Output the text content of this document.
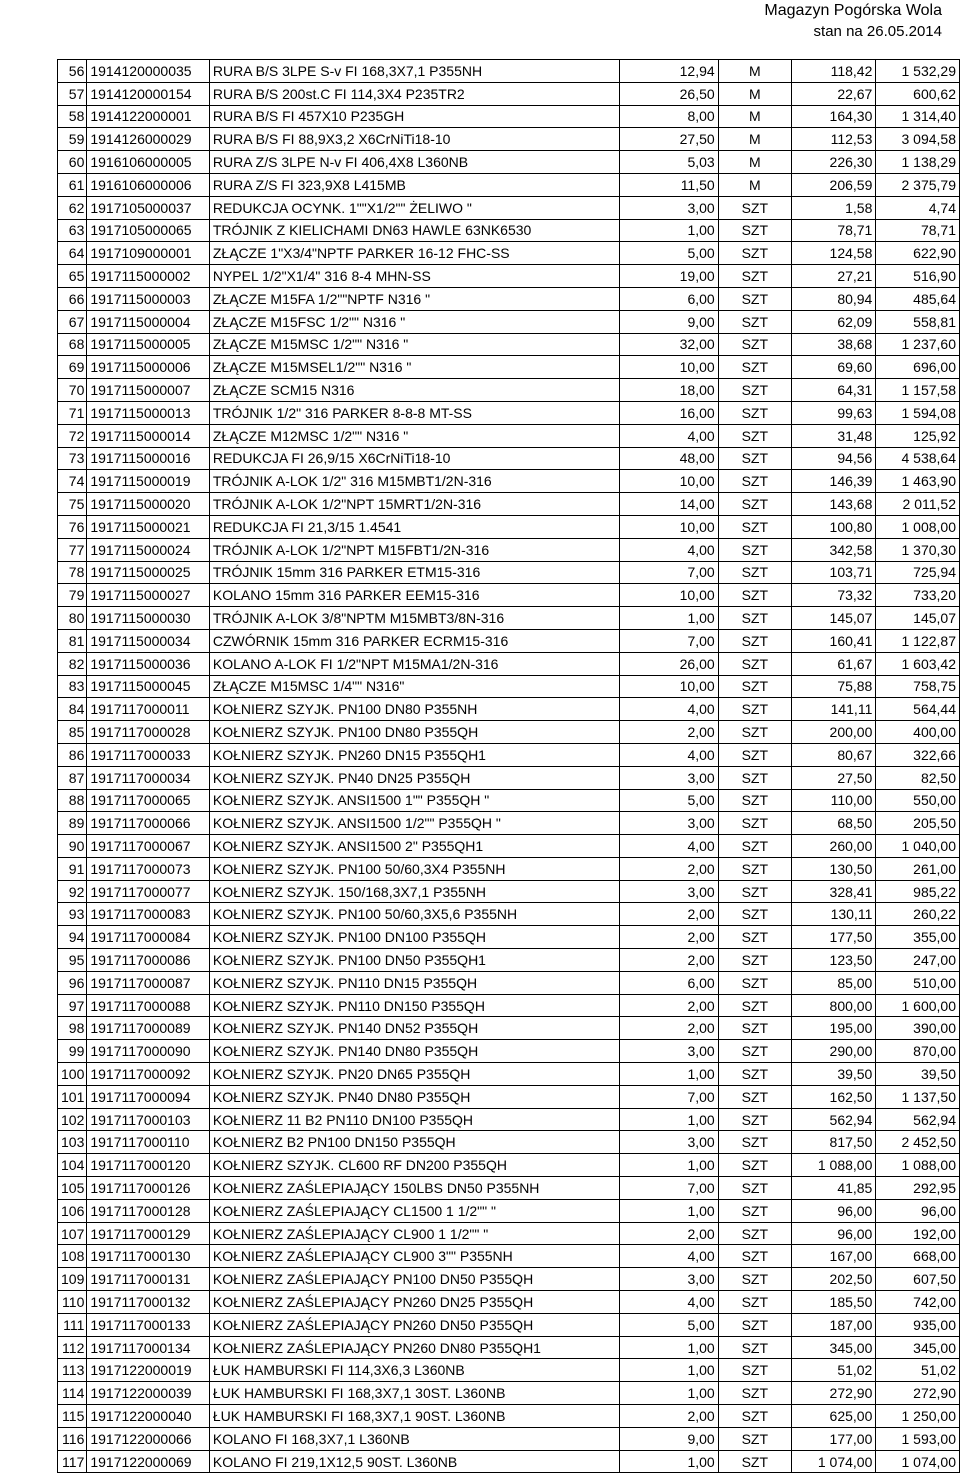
Magazyn Pogórska Wola
stan na 26.05.2014
56	1914120000035	RURA B/S 3LPE S-v FI 168,3X7,1 P355NH	12,94	M	118,42	1 532,29
57	1914120000154	RURA B/S 200st.C FI 114,3X4 P235TR2	26,50	M	22,67	600,62
58	1914122000001	RURA B/S FI 457X10 P235GH	8,00	M	164,30	1 314,40
59	1914126000029	RURA B/S FI 88,9X3,2 X6CrNiTi18-10	27,50	M	112,53	3 094,58
60	1916106000005	RURA Z/S 3LPE N-v FI 406,4X8 L360NB	5,03	M	226,30	1 138,29
61	1916106000006	RURA Z/S FI 323,9X8 L415MB	11,50	M	206,59	2 375,79
62	1917105000037	REDUKCJA OCYNK. 1""X1/2"" ŻELIWO "	3,00	SZT	1,58	4,74
63	1917105000065	TRÓJNIK Z KIELICHAMI DN63 HAWLE 63NK6530	1,00	SZT	78,71	78,71
64	1917109000001	ZŁĄCZE 1"X3/4"NPTF PARKER 16-12 FHC-SS	5,00	SZT	124,58	622,90
65	1917115000002	NYPEL 1/2"X1/4" 316 8-4 MHN-SS	19,00	SZT	27,21	516,90
66	1917115000003	ZŁĄCZE M15FA 1/2""NPTF N316 "	6,00	SZT	80,94	485,64
67	1917115000004	ZŁĄCZE M15FSC 1/2"" N316 "	9,00	SZT	62,09	558,81
68	1917115000005	ZŁĄCZE M15MSC 1/2"" N316 "	32,00	SZT	38,68	1 237,60
69	1917115000006	ZŁĄCZE M15MSEL1/2"" N316 "	10,00	SZT	69,60	696,00
70	1917115000007	ZŁĄCZE SCM15 N316	18,00	SZT	64,31	1 157,58
71	1917115000013	TRÓJNIK 1/2" 316 PARKER 8-8-8 MT-SS	16,00	SZT	99,63	1 594,08
72	1917115000014	ZŁĄCZE M12MSC 1/2"" N316 "	4,00	SZT	31,48	125,92
73	1917115000016	REDUKCJA FI 26,9/15 X6CrNiTi18-10	48,00	SZT	94,56	4 538,64
74	1917115000019	TRÓJNIK A-LOK 1/2" 316 M15MBT1/2N-316	10,00	SZT	146,39	1 463,90
75	1917115000020	TRÓJNIK A-LOK 1/2"NPT 15MRT1/2N-316	14,00	SZT	143,68	2 011,52
76	1917115000021	REDUKCJA FI 21,3/15 1.4541	10,00	SZT	100,80	1 008,00
77	1917115000024	TRÓJNIK A-LOK 1/2"NPT M15FBT1/2N-316	4,00	SZT	342,58	1 370,30
78	1917115000025	TRÓJNIK 15mm 316 PARKER ETM15-316	7,00	SZT	103,71	725,94
79	1917115000027	KOLANO 15mm 316 PARKER EEM15-316	10,00	SZT	73,32	733,20
80	1917115000030	TRÓJNIK A-LOK 3/8"NPTM M15MBT3/8N-316	1,00	SZT	145,07	145,07
81	1917115000034	CZWÓRNIK 15mm 316 PARKER ECRM15-316	7,00	SZT	160,41	1 122,87
82	1917115000036	KOLANO A-LOK FI 1/2"NPT M15MA1/2N-316	26,00	SZT	61,67	1 603,42
83	1917115000045	ZŁĄCZE M15MSC 1/4"" N316"	10,00	SZT	75,88	758,75
84	1917117000011	KOŁNIERZ SZYJK. PN100 DN80 P355NH	4,00	SZT	141,11	564,44
85	1917117000028	KOŁNIERZ SZYJK. PN100 DN80 P355QH	2,00	SZT	200,00	400,00
86	1917117000033	KOŁNIERZ SZYJK. PN260 DN15 P355QH1	4,00	SZT	80,67	322,66
87	1917117000034	KOŁNIERZ SZYJK. PN40 DN25 P355QH	3,00	SZT	27,50	82,50
88	1917117000065	KOŁNIERZ SZYJK. ANSI1500 1"" P355QH "	5,00	SZT	110,00	550,00
89	1917117000066	KOŁNIERZ SZYJK. ANSI1500 1/2"" P355QH "	3,00	SZT	68,50	205,50
90	1917117000067	KOŁNIERZ SZYJK. ANSI1500 2" P355QH1	4,00	SZT	260,00	1 040,00
91	1917117000073	KOŁNIERZ SZYJK. PN100 50/60,3X4 P355NH	2,00	SZT	130,50	261,00
92	1917117000077	KOŁNIERZ SZYJK. 150/168,3X7,1 P355NH	3,00	SZT	328,41	985,22
93	1917117000083	KOŁNIERZ SZYJK. PN100 50/60,3X5,6 P355NH	2,00	SZT	130,11	260,22
94	1917117000084	KOŁNIERZ SZYJK. PN100 DN100 P355QH	2,00	SZT	177,50	355,00
95	1917117000086	KOŁNIERZ SZYJK. PN100 DN50 P355QH1	2,00	SZT	123,50	247,00
96	1917117000087	KOŁNIERZ SZYJK. PN110 DN15 P355QH	6,00	SZT	85,00	510,00
97	1917117000088	KOŁNIERZ SZYJK. PN110 DN150 P355QH	2,00	SZT	800,00	1 600,00
98	1917117000089	KOŁNIERZ SZYJK. PN140 DN52 P355QH	2,00	SZT	195,00	390,00
99	1917117000090	KOŁNIERZ SZYJK. PN140 DN80 P355QH	3,00	SZT	290,00	870,00
100	1917117000092	KOŁNIERZ SZYJK. PN20 DN65 P355QH	1,00	SZT	39,50	39,50
101	1917117000094	KOŁNIERZ SZYJK. PN40 DN80 P355QH	7,00	SZT	162,50	1 137,50
102	1917117000103	KOŁNIERZ 11 B2 PN110 DN100 P355QH	1,00	SZT	562,94	562,94
103	1917117000110	KOŁNIERZ B2 PN100 DN150 P355QH	3,00	SZT	817,50	2 452,50
104	1917117000120	KOŁNIERZ SZYJK. CL600 RF DN200 P355QH	1,00	SZT	1 088,00	1 088,00
105	1917117000126	KOŁNIERZ ZAŚLEPIAJĄCY 150LBS DN50 P355NH	7,00	SZT	41,85	292,95
106	1917117000128	KOŁNIERZ ZAŚLEPIAJĄCY CL1500 1 1/2"" "	1,00	SZT	96,00	96,00
107	1917117000129	KOŁNIERZ ZAŚLEPIAJĄCY CL900 1 1/2"" "	2,00	SZT	96,00	192,00
108	1917117000130	KOŁNIERZ ZAŚLEPIAJĄCY CL900 3"" P355NH	4,00	SZT	167,00	668,00
109	1917117000131	KOŁNIERZ ZAŚLEPIAJĄCY PN100 DN50 P355QH	3,00	SZT	202,50	607,50
110	1917117000132	KOŁNIERZ ZAŚLEPIAJĄCY PN260 DN25 P355QH	4,00	SZT	185,50	742,00
111	1917117000133	KOŁNIERZ ZAŚLEPIAJĄCY PN260 DN50 P355QH	5,00	SZT	187,00	935,00
112	1917117000134	KOŁNIERZ ZAŚLEPIAJĄCY PN260 DN80 P355QH1	1,00	SZT	345,00	345,00
113	1917122000019	ŁUK HAMBURSKI FI 114,3X6,3 L360NB	1,00	SZT	51,02	51,02
114	1917122000039	ŁUK HAMBURSKI FI 168,3X7,1 30ST. L360NB	1,00	SZT	272,90	272,90
115	1917122000040	ŁUK HAMBURSKI FI 168,3X7,1 90ST. L360NB	2,00	SZT	625,00	1 250,00
116	1917122000066	KOLANO FI 168,3X7,1 L360NB	9,00	SZT	177,00	1 593,00
117	1917122000069	KOLANO FI 219,1X12,5 90ST. L360NB	1,00	SZT	1 074,00	1 074,00
